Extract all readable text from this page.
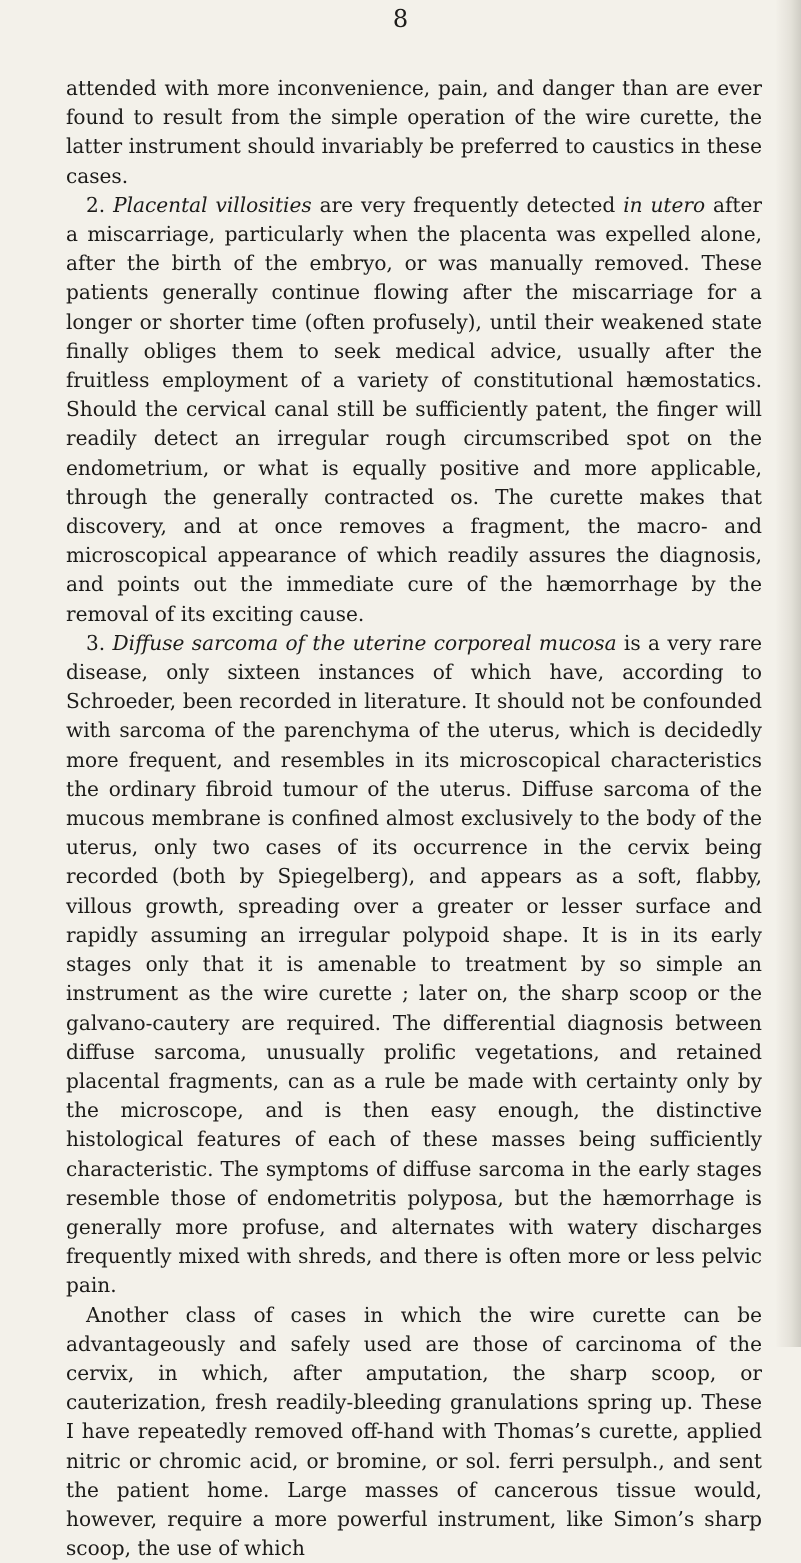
8

attended with more inconvenience, pain, and danger than are ever found to result from the simple operation of the wire curette, the latter instrument should invariably be preferred to caustics in these cases.

2. Placental villosities are very frequently detected in utero after a miscarriage, particularly when the placenta was expelled alone, after the birth of the embryo, or was manually removed. These patients generally continue flowing after the miscarriage for a longer or shorter time (often profusely), until their weakened state finally obliges them to seek medical advice, usually after the fruitless employment of a variety of constitutional hæmostatics. Should the cervical canal still be sufficiently patent, the finger will readily detect an irregular rough circumscribed spot on the endometrium, or what is equally positive and more applicable, through the generally contracted os. The curette makes that discovery, and at once removes a fragment, the macro- and microscopical appearance of which readily assures the diagnosis, and points out the immediate cure of the hæmorrhage by the removal of its exciting cause.

3. Diffuse sarcoma of the uterine corporeal mucosa is a very rare disease, only sixteen instances of which have, according to Schroeder, been recorded in literature. It should not be confounded with sarcoma of the parenchyma of the uterus, which is decidedly more frequent, and resembles in its microscopical characteristics the ordinary fibroid tumour of the uterus. Diffuse sarcoma of the mucous membrane is confined almost exclusively to the body of the uterus, only two cases of its occurrence in the cervix being recorded (both by Spiegelberg), and appears as a soft, flabby, villous growth, spreading over a greater or lesser surface and rapidly assuming an irregular polypoid shape. It is in its early stages only that it is amenable to treatment by so simple an instrument as the wire curette ; later on, the sharp scoop or the galvano-cautery are required. The differential diagnosis between diffuse sarcoma, unusually prolific vegetations, and retained placental fragments, can as a rule be made with certainty only by the microscope, and is then easy enough, the distinctive histological features of each of these masses being sufficiently characteristic. The symptoms of diffuse sarcoma in the early stages resemble those of endometritis polyposa, but the hæmorrhage is generally more profuse, and alternates with watery discharges frequently mixed with shreds, and there is often more or less pelvic pain.

Another class of cases in which the wire curette can be advantageously and safely used are those of carcinoma of the cervix, in which, after amputation, the sharp scoop, or cauterization, fresh readily-bleeding granulations spring up. These I have repeatedly removed off-hand with Thomas’s curette, applied nitric or chromic acid, or bromine, or sol. ferri persulph., and sent the patient home. Large masses of cancerous tissue would, however, require a more powerful instrument, like Simon’s sharp scoop, the use of which
